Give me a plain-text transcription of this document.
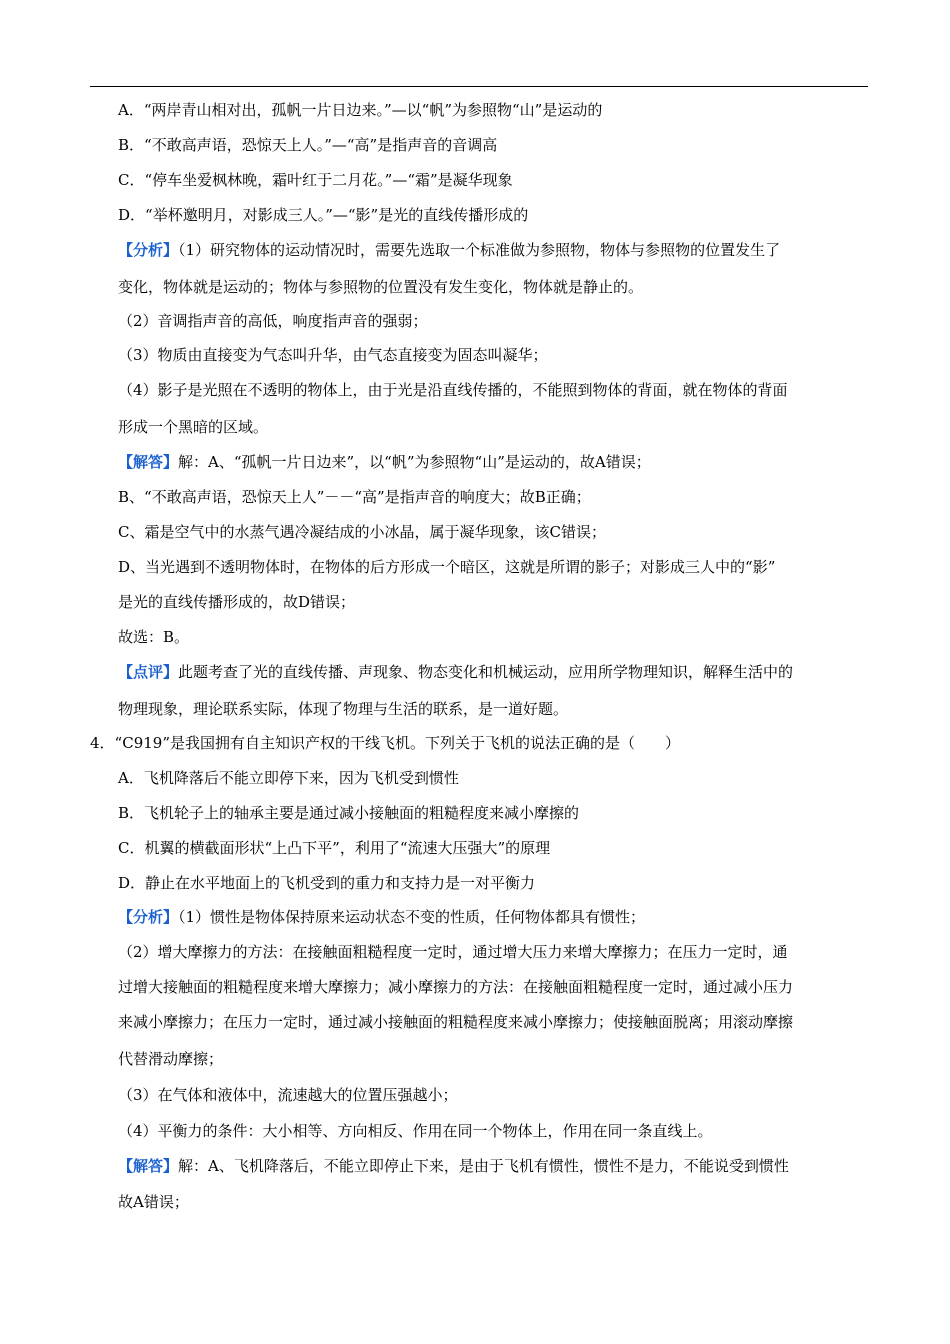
A．“两岸青山相对出，孤帆一片日边来。”—以“帆”为参照物“山”是运动的
B．“不敢高声语，恐惊天上人。”—“高”是指声音的音调高
C．“停车坐爱枫林晚，霜叶红于二月花。”—“霜”是凝华现象
D．“举杯邀明月，对影成三人。”—“影”是光的直线传播形成的
【分析】（1）研究物体的运动情况时，需要先选取一个标准做为参照物，物体与参照物的位置发生了
变化，物体就是运动的；物体与参照物的位置没有发生变化，物体就是静止的。
（2）音调指声音的高低，响度指声音的强弱；
（3）物质由直接变为气态叫升华，由气态直接变为固态叫凝华；
（4）影子是光照在不透明的物体上，由于光是沿直线传播的，不能照到物体的背面，就在物体的背面
形成一个黑暗的区域。
【解答】解：A、“孤帆一片日边来”，以“帆”为参照物“山”是运动的，故A错误；
B、“不敢高声语，恐惊天上人”－－“高”是指声音的响度大；故B正确；
C、霜是空气中的水蒸气遇冷凝结成的小冰晶，属于凝华现象，该C错误；
D、当光遇到不透明物体时，在物体的后方形成一个暗区，这就是所谓的影子；对影成三人中的“影”
是光的直线传播形成的，故D错误；
故选：B。
【点评】此题考查了光的直线传播、声现象、物态变化和机械运动，应用所学物理知识，解释生活中的
物理现象，理论联系实际，体现了物理与生活的联系，是一道好题。
4．“C919”是我国拥有自主知识产权的干线飞机。下列关于飞机的说法正确的是（　　）
A．飞机降落后不能立即停下来，因为飞机受到惯性
B．飞机轮子上的轴承主要是通过减小接触面的粗糙程度来减小摩擦的
C．机翼的横截面形状“上凸下平”，利用了“流速大压强大”的原理
D．静止在水平地面上的飞机受到的重力和支持力是一对平衡力
【分析】（1）惯性是物体保持原来运动状态不变的性质，任何物体都具有惯性；
（2）增大摩擦力的方法：在接触面粗糙程度一定时，通过增大压力来增大摩擦力；在压力一定时，通
过增大接触面的粗糙程度来增大摩擦力；减小摩擦力的方法：在接触面粗糙程度一定时，通过减小压力
来减小摩擦力；在压力一定时，通过减小接触面的粗糙程度来减小摩擦力；使接触面脱离；用滚动摩擦
代替滑动摩擦；
（3）在气体和液体中，流速越大的位置压强越小；
（4）平衡力的条件：大小相等、方向相反、作用在同一个物体上，作用在同一条直线上。
【解答】解：A、飞机降落后，不能立即停止下来，是由于飞机有惯性，惯性不是力，不能说受到惯性
故A错误；
